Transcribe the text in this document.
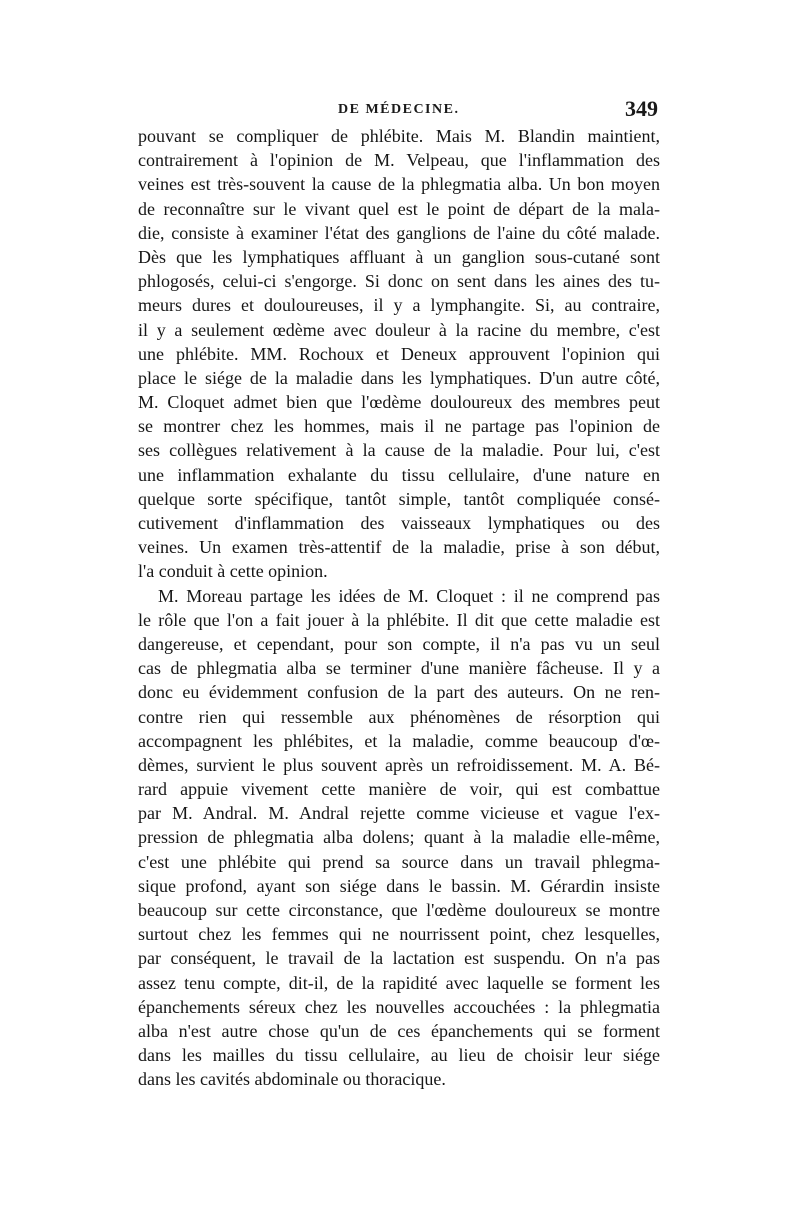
DE MÉDECINE.	349
pouvant se compliquer de phlébite. Mais M. Blandin maintient,
contrairement à l'opinion de M. Velpeau, que l'inflammation des
veines est très-souvent la cause de la phlegmatia alba. Un bon moyen
de reconnaître sur le vivant quel est le point de départ de la mala-
die, consiste à examiner l'état des ganglions de l'aine du côté malade.
Dès que les lymphatiques affluant à un ganglion sous-cutané sont
phlogosés, celui-ci s'engorge. Si donc on sent dans les aines des tu-
meurs dures et douloureuses, il y a lymphangite. Si, au contraire,
il y a seulement œdème avec douleur à la racine du membre, c'est
une phlébite. MM. Rochoux et Deneux approuvent l'opinion qui
place le siége de la maladie dans les lymphatiques. D'un autre côté,
M. Cloquet admet bien que l'œdème douloureux des membres peut
se montrer chez les hommes, mais il ne partage pas l'opinion de
ses collègues relativement à la cause de la maladie. Pour lui, c'est
une inflammation exhalante du tissu cellulaire, d'une nature en
quelque sorte spécifique, tantôt simple, tantôt compliquée consé-
cutivement d'inflammation des vaisseaux lymphatiques ou des
veines. Un examen très-attentif de la maladie, prise à son début,
l'a conduit à cette opinion.
M. Moreau partage les idées de M. Cloquet : il ne comprend pas
le rôle que l'on a fait jouer à la phlébite. Il dit que cette maladie est
dangereuse, et cependant, pour son compte, il n'a pas vu un seul
cas de phlegmatia alba se terminer d'une manière fâcheuse. Il y a
donc eu évidemment confusion de la part des auteurs. On ne ren-
contre rien qui ressemble aux phénomènes de résorption qui
accompagnent les phlébites, et la maladie, comme beaucoup d'œ-
dèmes, survient le plus souvent après un refroidissement. M. A. Bé-
rard appuie vivement cette manière de voir, qui est combattue
par M. Andral. M. Andral rejette comme vicieuse et vague l'ex-
pression de phlegmatia alba dolens; quant à la maladie elle-même,
c'est une phlébite qui prend sa source dans un travail phlegma-
sique profond, ayant son siége dans le bassin. M. Gérardin insiste
beaucoup sur cette circonstance, que l'œdème douloureux se montre
surtout chez les femmes qui ne nourrissent point, chez lesquelles,
par conséquent, le travail de la lactation est suspendu. On n'a pas
assez tenu compte, dit-il, de la rapidité avec laquelle se forment les
épanchements séreux chez les nouvelles accouchées : la phlegmatia
alba n'est autre chose qu'un de ces épanchements qui se forment
dans les mailles du tissu cellulaire, au lieu de choisir leur siége
dans les cavités abdominale ou thoracique.
